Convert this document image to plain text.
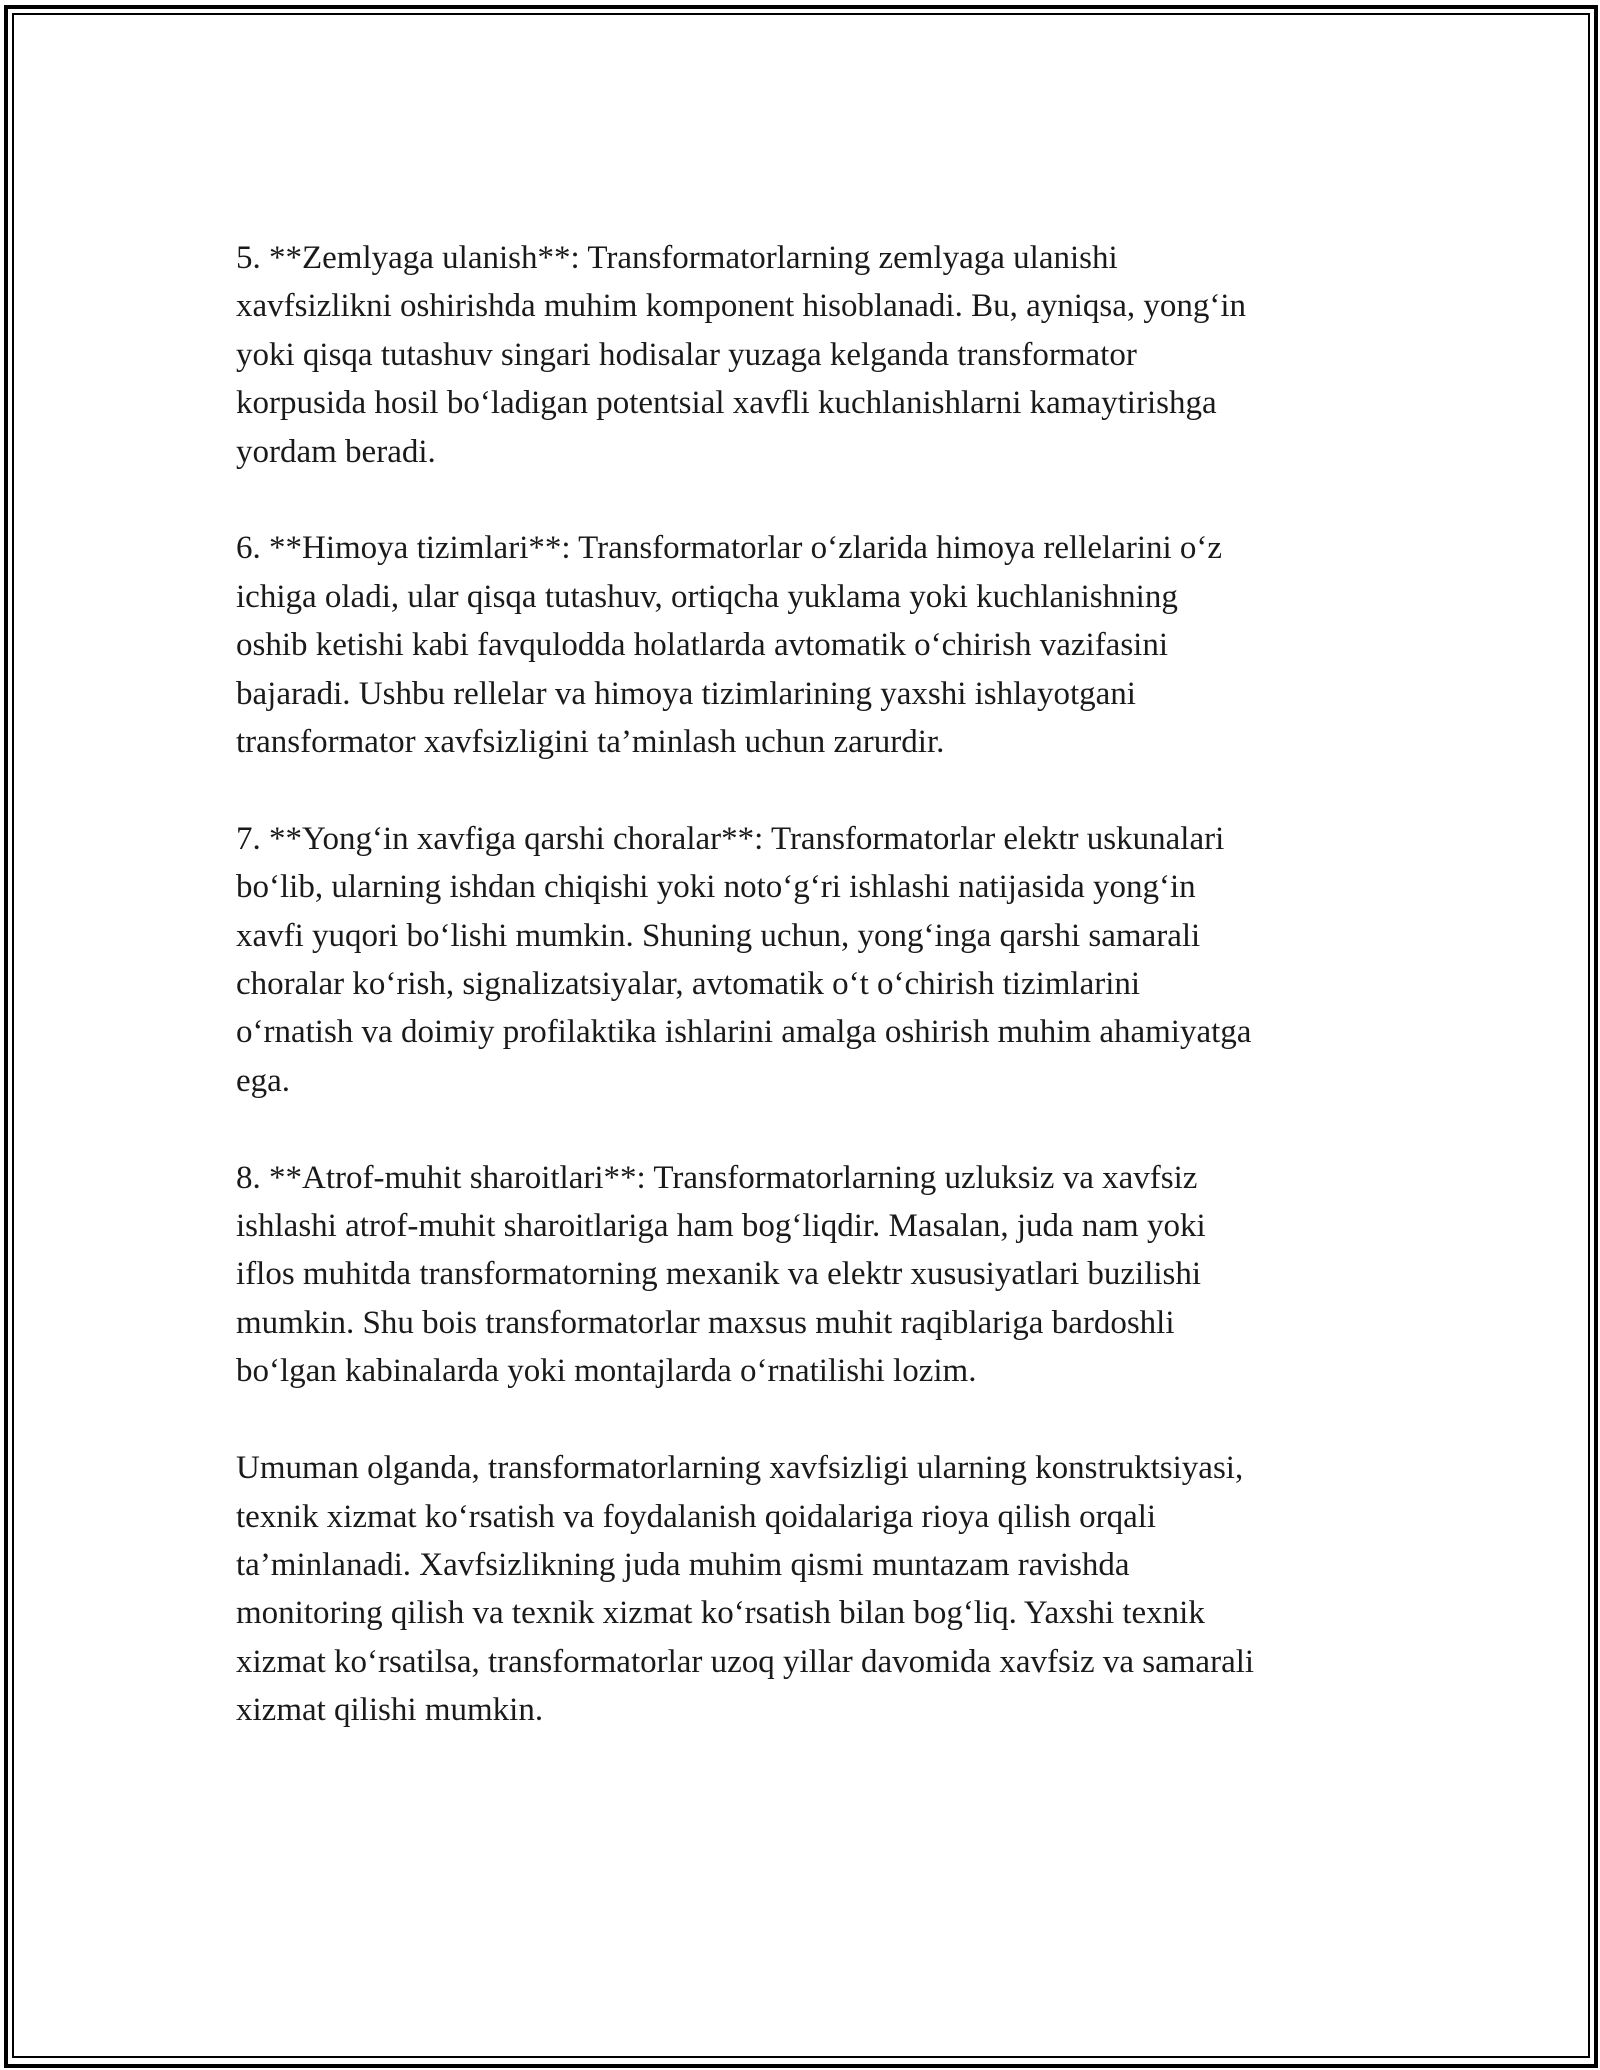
5. **Zemlyaga ulanish**: Transformatorlarning zemlyaga ulanishi
xavfsizlikni oshirishda muhim komponent hisoblanadi. Bu, ayniqsa, yong‘in
yoki qisqa tutashuv singari hodisalar yuzaga kelganda transformator
korpusida hosil bo‘ladigan potentsial xavfli kuchlanishlarni kamaytirishga
yordam beradi.
6. **Himoya tizimlari**: Transformatorlar o‘zlarida himoya rellelarini o‘z
ichiga oladi, ular qisqa tutashuv, ortiqcha yuklama yoki kuchlanishning
oshib ketishi kabi favqulodda holatlarda avtomatik o‘chirish vazifasini
bajaradi. Ushbu rellelar va himoya tizimlarining yaxshi ishlayotgani
transformator xavfsizligini ta’minlash uchun zarurdir.
7. **Yong‘in xavfiga qarshi choralar**: Transformatorlar elektr uskunalari
bo‘lib, ularning ishdan chiqishi yoki noto‘g‘ri ishlashi natijasida yong‘in
xavfi yuqori bo‘lishi mumkin. Shuning uchun, yong‘inga qarshi samarali
choralar ko‘rish, signalizatsiyalar, avtomatik o‘t o‘chirish tizimlarini
o‘rnatish va doimiy profilaktika ishlarini amalga oshirish muhim ahamiyatga
ega.
8. **Atrof-muhit sharoitlari**: Transformatorlarning uzluksiz va xavfsiz
ishlashi atrof-muhit sharoitlariga ham bog‘liqdir. Masalan, juda nam yoki
iflos muhitda transformatorning mexanik va elektr xususiyatlari buzilishi
mumkin. Shu bois transformatorlar maxsus muhit raqiblariga bardoshli
bo‘lgan kabinalarda yoki montajlarda o‘rnatilishi lozim.
Umuman olganda, transformatorlarning xavfsizligi ularning konstruktsiyasi,
texnik xizmat ko‘rsatish va foydalanish qoidalariga rioya qilish orqali
ta’minlanadi. Xavfsizlikning juda muhim qismi muntazam ravishda
monitoring qilish va texnik xizmat ko‘rsatish bilan bog‘liq. Yaxshi texnik
xizmat ko‘rsatilsa, transformatorlar uzoq yillar davomida xavfsiz va samarali
xizmat qilishi mumkin.
